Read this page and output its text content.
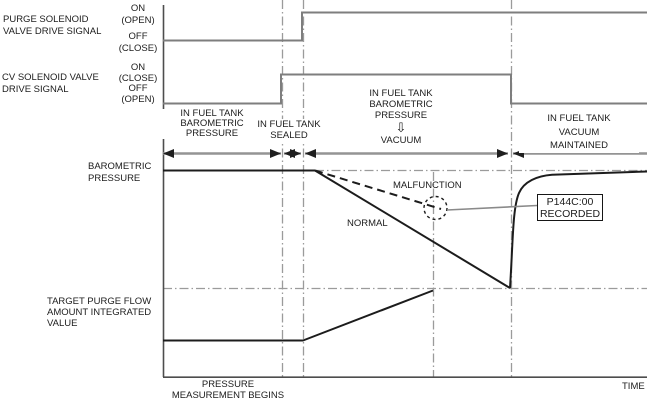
PURGE SOLENOID
VALVE DRIVE SIGNAL
CV SOLENOID VALVE
DRIVE SIGNAL
ON
(OPEN)
OFF
(CLOSE)
ON
(CLOSE)
OFF
(OPEN)
IN FUEL TANK
BAROMETRIC
PRESSURE
IN FUEL TANK
SEALED
IN FUEL TANK
BAROMETRIC
PRESSURE
⇩
VACUUM
IN FUEL TANK
VACUUM
MAINTAINED
BAROMETRIC
PRESSURE
TARGET PURGE FLOW
AMOUNT INTEGRATED
VALUE
PRESSURE
MEASUREMENT BEGINS
TIME
MALFUNCTION
NORMAL
P144C:00
RECORDED
